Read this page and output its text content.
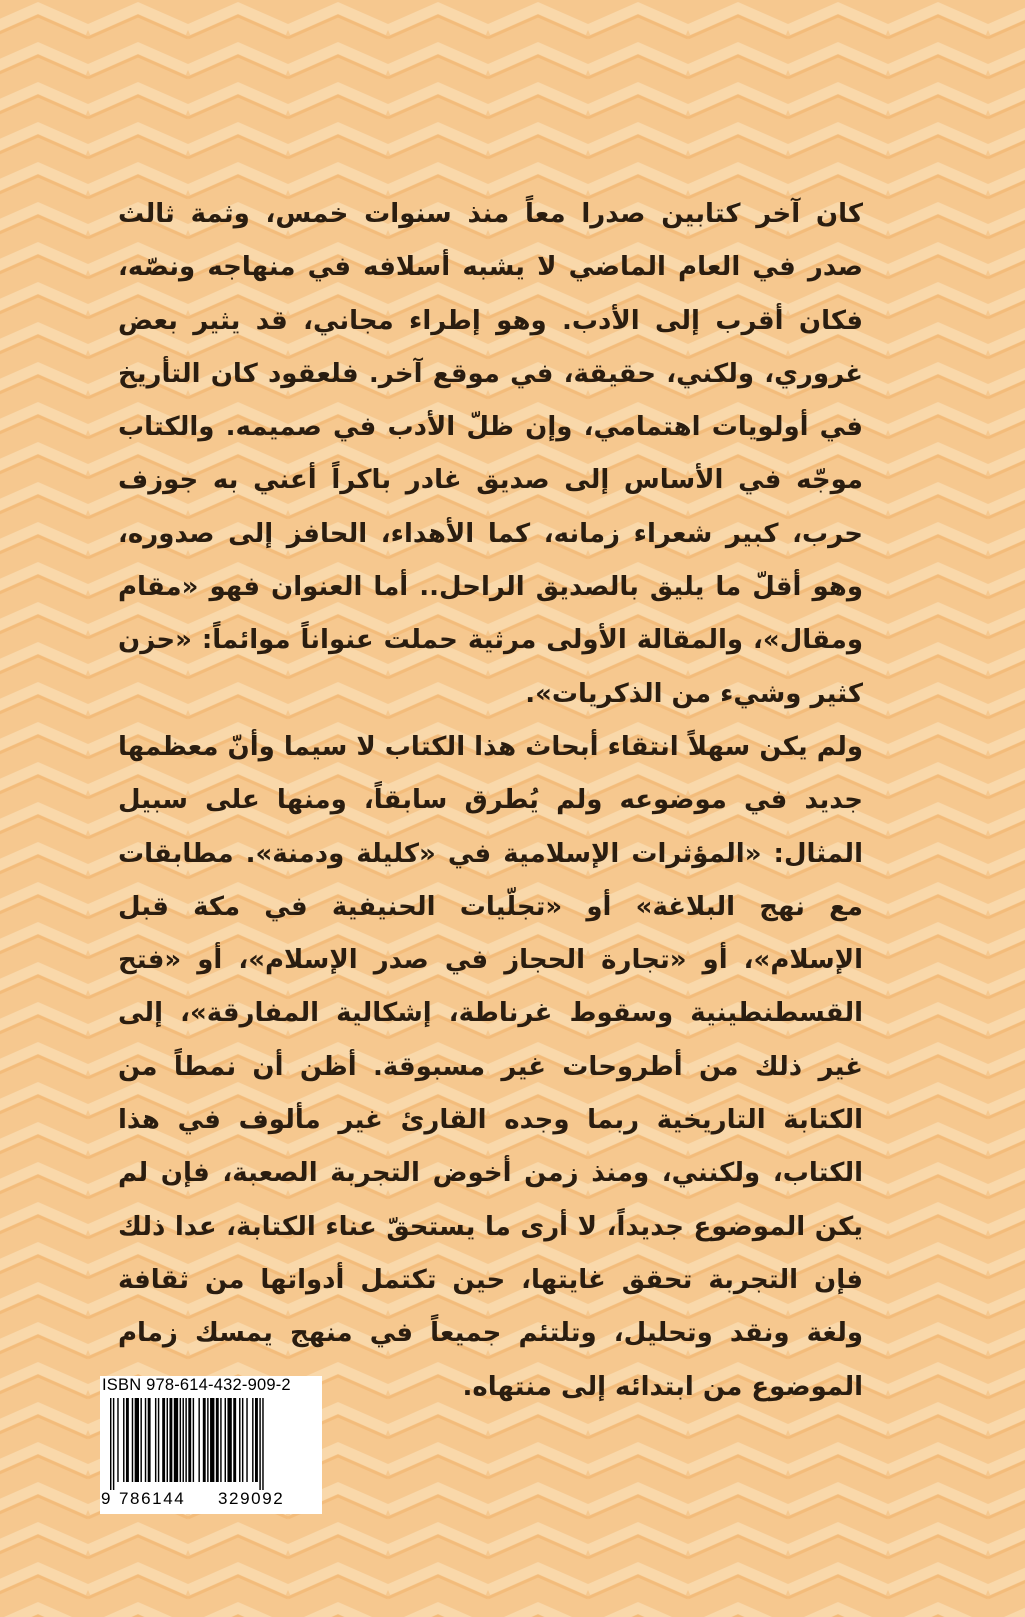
كان آخر كتابين صدرا معاً منذ سنوات خمس، وثمة ثالث صدر في العام الماضي لا يشبه أسلافه في منهاجه ونصّه، فكان أقرب إلى الأدب. وهو إطراء مجاني، قد يثير بعض غروري، ولكني، حقيقة، في موقع آخر. فلعقود كان التأريخ في أولويات اهتمامي، وإن ظلّ الأدب في صميمه. والكتاب موجّه في الأساس إلى صديق غادر باكراً أعني به جوزف حرب، كبير شعراء زمانه، كما الأهداء، الحافز إلى صدوره، وهو أقلّ ما يليق بالصديق الراحل.. أما العنوان فهو «مقام ومقال»، والمقالة الأولى مرثية حملت عنواناً موائماً: «حزن كثير وشيء من الذكريات».

ولم يكن سهلاً انتقاء أبحاث هذا الكتاب لا سيما وأنّ معظمها جديد في موضوعه ولم يُطرق سابقاً، ومنها على سبيل المثال: «المؤثرات الإسلامية في «كليلة ودمنة». مطابقات مع نهج البلاغة» أو «تجلّيات الحنيفية في مكة قبل الإسلام»، أو «تجارة الحجاز في صدر الإسلام»، أو «فتح القسطنطينية وسقوط غرناطة، إشكالية المفارقة»، إلى غير ذلك من أطروحات غير مسبوقة. أظن أن نمطاً من الكتابة التاريخية ربما وجده القارئ غير مألوف في هذا الكتاب، ولكنني، ومنذ زمن أخوض التجربة الصعبة، فإن لم يكن الموضوع جديداً، لا أرى ما يستحقّ عناء الكتابة، عدا ذلك فإن التجربة تحقق غايتها، حين تكتمل أدواتها من ثقافة ولغة ونقد وتحليل، وتلتئم جميعاً في منهج يمسك زمام الموضوع من ابتدائه إلى منتهاه.

ISBN 978-614-432-909-2
9 786144 329092
